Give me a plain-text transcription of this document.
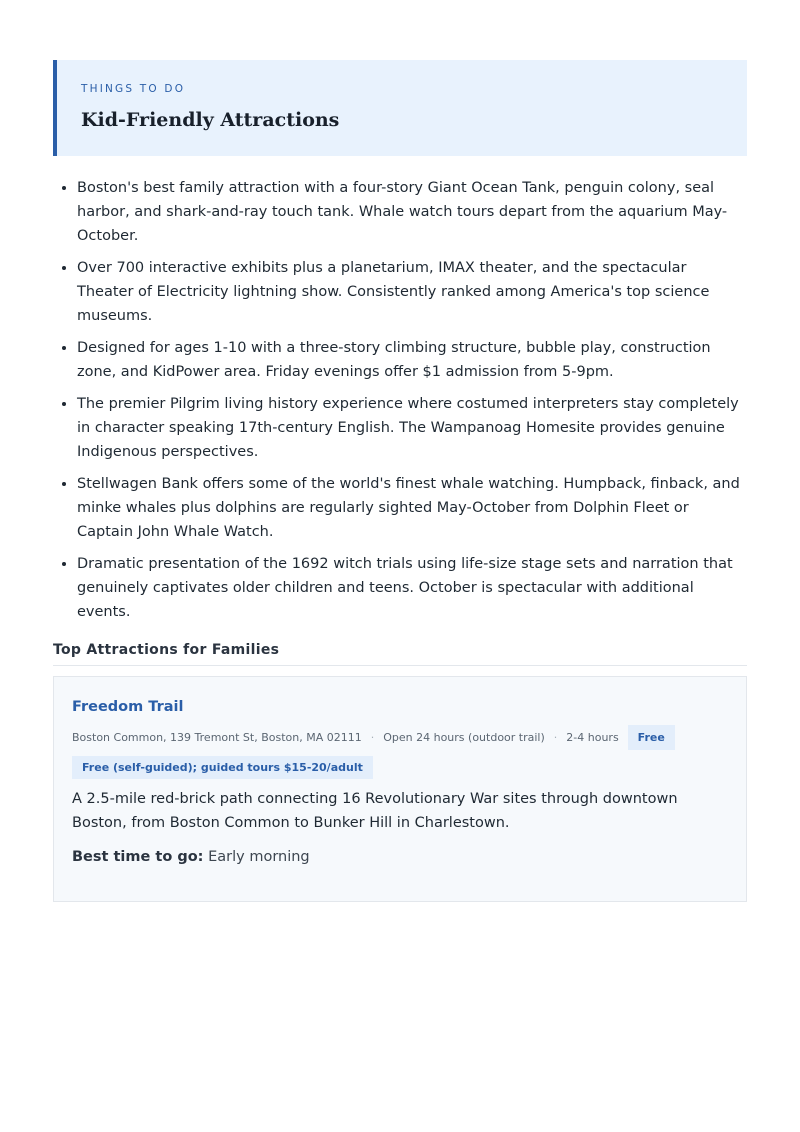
THINGS TO DO
Kid-Friendly Attractions
• Boston's best family attraction with a four-story Giant Ocean Tank, penguin colony, seal harbor, and shark-and-ray touch tank. Whale watch tours depart from the aquarium May-October.
• Over 700 interactive exhibits plus a planetarium, IMAX theater, and the spectacular Theater of Electricity lightning show. Consistently ranked among America's top science museums.
• Designed for ages 1-10 with a three-story climbing structure, bubble play, construction zone, and KidPower area. Friday evenings offer $1 admission from 5-9pm.
• The premier Pilgrim living history experience where costumed interpreters stay completely in character speaking 17th-century English. The Wampanoag Homesite provides genuine Indigenous perspectives.
• Stellwagen Bank offers some of the world's finest whale watching. Humpback, finback, and minke whales plus dolphins are regularly sighted May-October from Dolphin Fleet or Captain John Whale Watch.
• Dramatic presentation of the 1692 witch trials using life-size stage sets and narration that genuinely captivates older children and teens. October is spectacular with additional events.
Top Attractions for Families
Freedom Trail
Boston Common, 139 Tremont St, Boston, MA 02111 · Open 24 hours (outdoor trail) · 2-4 hours	Free
Free (self-guided); guided tours $15-20/adult
A 2.5-mile red-brick path connecting 16 Revolutionary War sites through downtown Boston, from Boston Common to Bunker Hill in Charlestown.
Best time to go: Early morning
